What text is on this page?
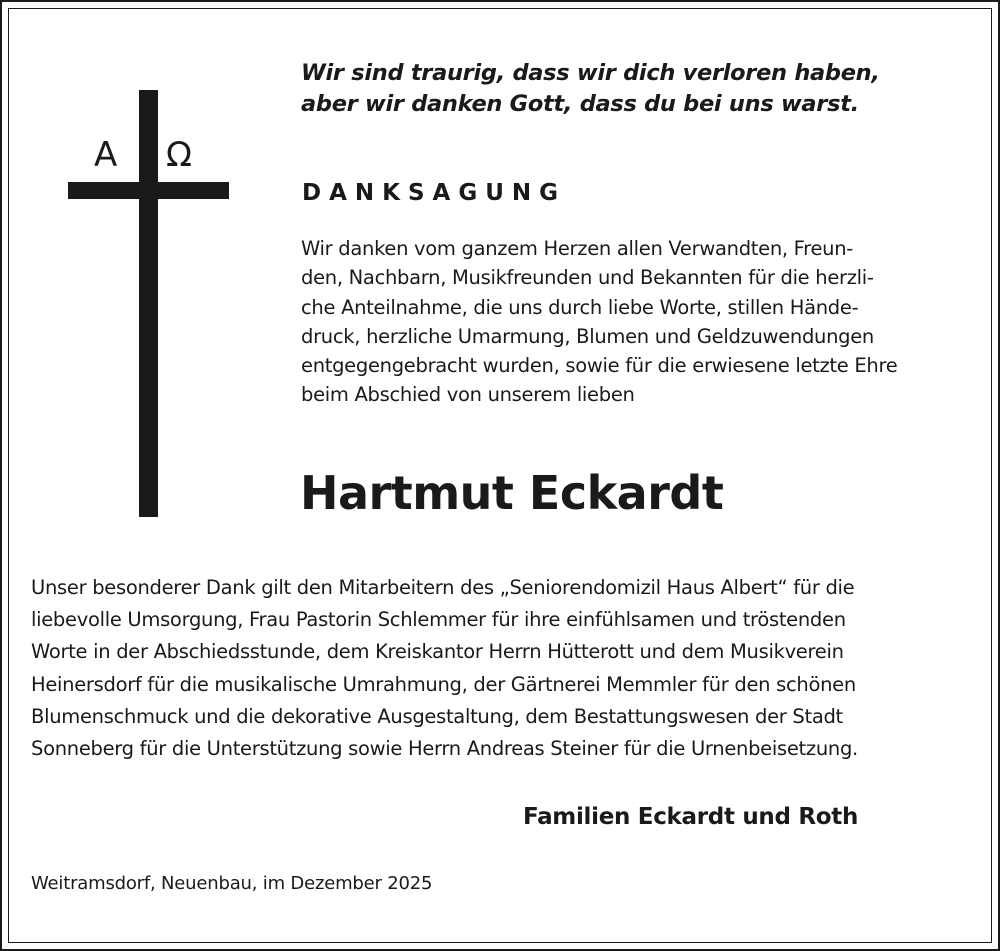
A Ω
Wir sind traurig, dass wir dich verloren haben,
aber wir danken Gott, dass du bei uns warst.
DANKSAGUNG
Wir danken vom ganzem Herzen allen Verwandten, Freun-
den, Nachbarn, Musikfreunden und Bekannten für die herzli-
che Anteilnahme, die uns durch liebe Worte, stillen Hände-
druck, herzliche Umarmung, Blumen und Geldzuwendungen
entgegengebracht wurden, sowie für die erwiesene letzte Ehre
beim Abschied von unserem lieben
Hartmut Eckardt
Unser besonderer Dank gilt den Mitarbeitern des „Seniorendomizil Haus Albert“ für die
liebevolle Umsorgung, Frau Pastorin Schlemmer für ihre einfühlsamen und tröstenden
Worte in der Abschiedsstunde, dem Kreiskantor Herrn Hütterott und dem Musikverein
Heinersdorf für die musikalische Umrahmung, der Gärtnerei Memmler für den schönen
Blumenschmuck und die dekorative Ausgestaltung, dem Bestattungswesen der Stadt
Sonneberg für die Unterstützung sowie Herrn Andreas Steiner für die Urnenbeisetzung.
Familien Eckardt und Roth
Weitramsdorf, Neuenbau, im Dezember 2025
